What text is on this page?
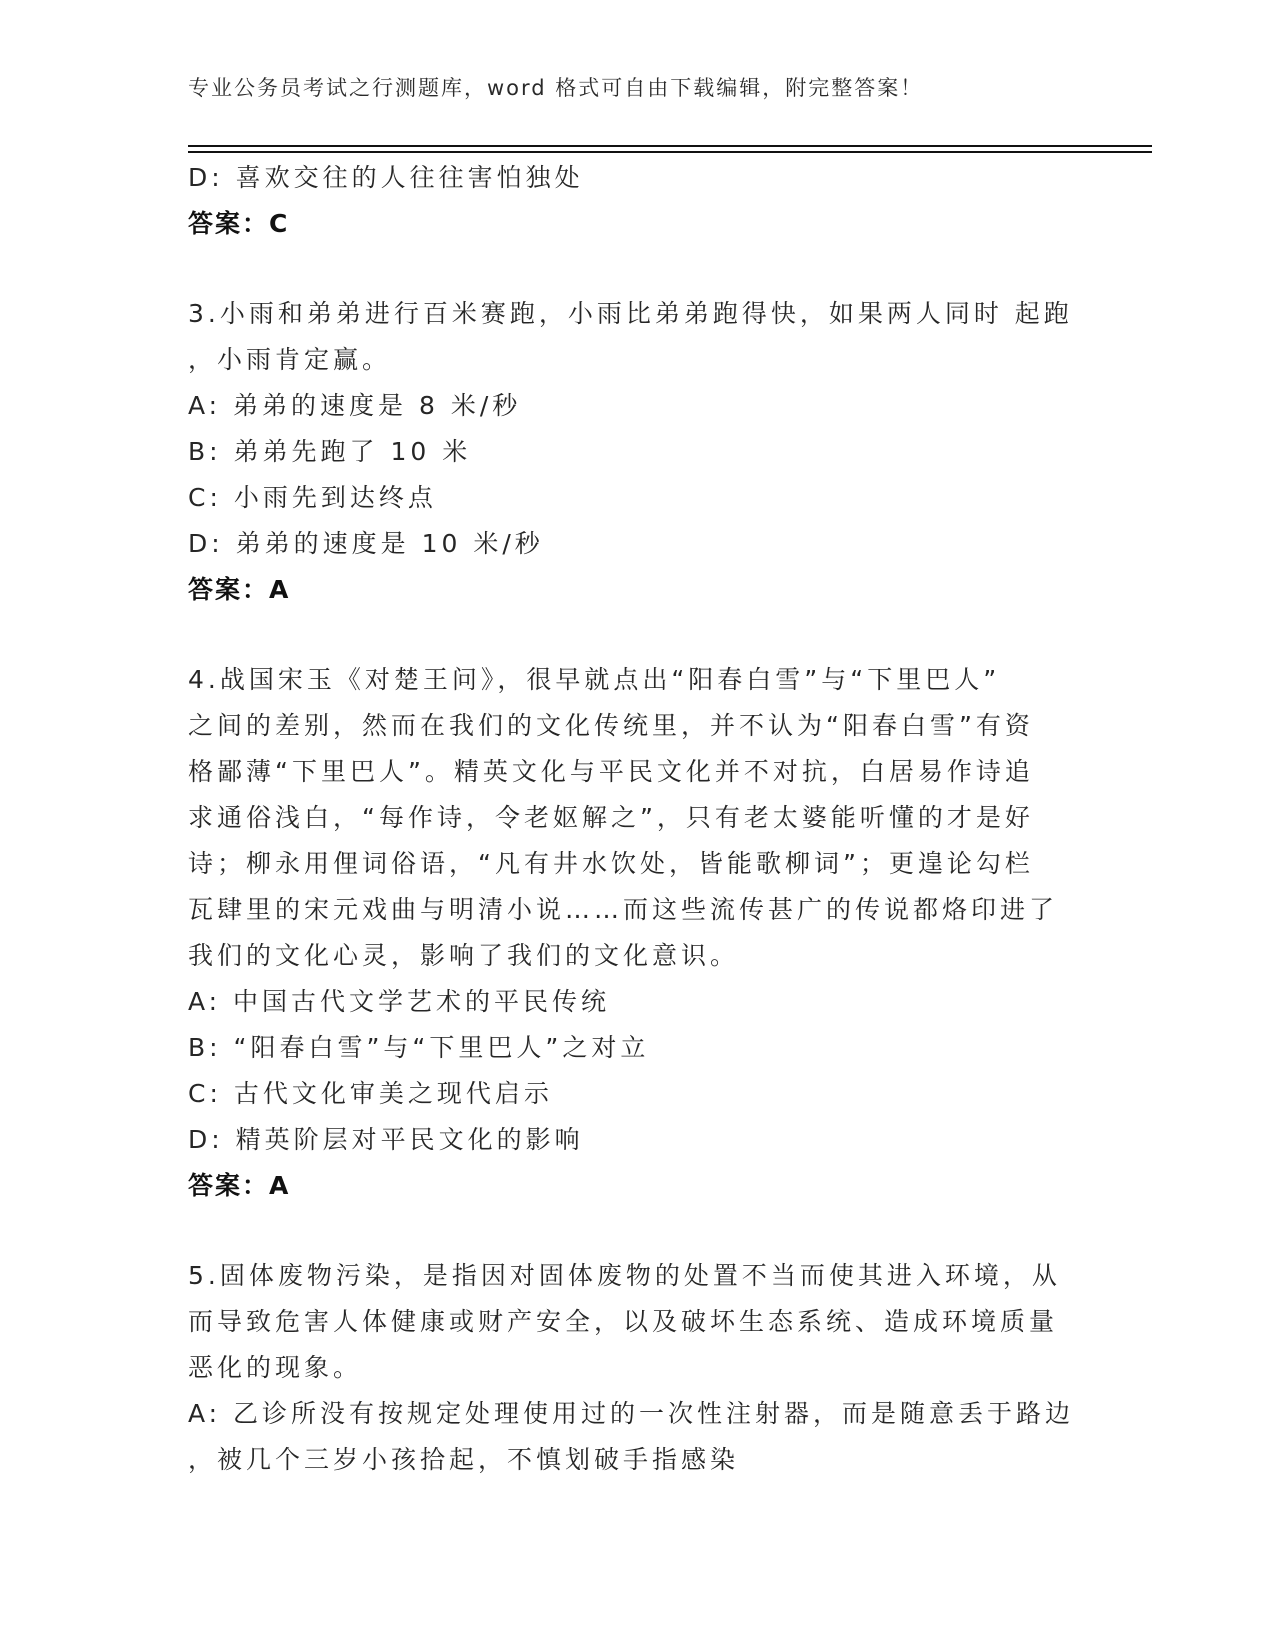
专业公务员考试之行测题库，word 格式可自由下载编辑，附完整答案！
D: 喜欢交往的人往往害怕独处
答案：C
3.小雨和弟弟进行百米赛跑，小雨比弟弟跑得快，如果两人同时 起跑
，小雨肯定赢。
A: 弟弟的速度是 8 米/秒
B: 弟弟先跑了 10 米
C: 小雨先到达终点
D: 弟弟的速度是 10 米/秒
答案：A
4.战国宋玉《对楚王问》，很早就点出“阳春白雪”与“下里巴人”
之间的差别，然而在我们的文化传统里，并不认为“阳春白雪”有资
格鄙薄“下里巴人”。精英文化与平民文化并不对抗，白居易作诗追
求通俗浅白，“每作诗，令老妪解之”，只有老太婆能听懂的才是好
诗；柳永用俚词俗语，“凡有井水饮处，皆能歌柳词”；更遑论勾栏
瓦肆里的宋元戏曲与明清小说……而这些流传甚广的传说都烙印进了
我们的文化心灵，影响了我们的文化意识。
A: 中国古代文学艺术的平民传统
B: “阳春白雪”与“下里巴人”之对立
C: 古代文化审美之现代启示
D: 精英阶层对平民文化的影响
答案：A
5.固体废物污染，是指因对固体废物的处置不当而使其进入环境，从
而导致危害人体健康或财产安全，以及破坏生态系统、造成环境质量
恶化的现象。
A: 乙诊所没有按规定处理使用过的一次性注射器，而是随意丢于路边
，被几个三岁小孩拾起，不慎划破手指感染
